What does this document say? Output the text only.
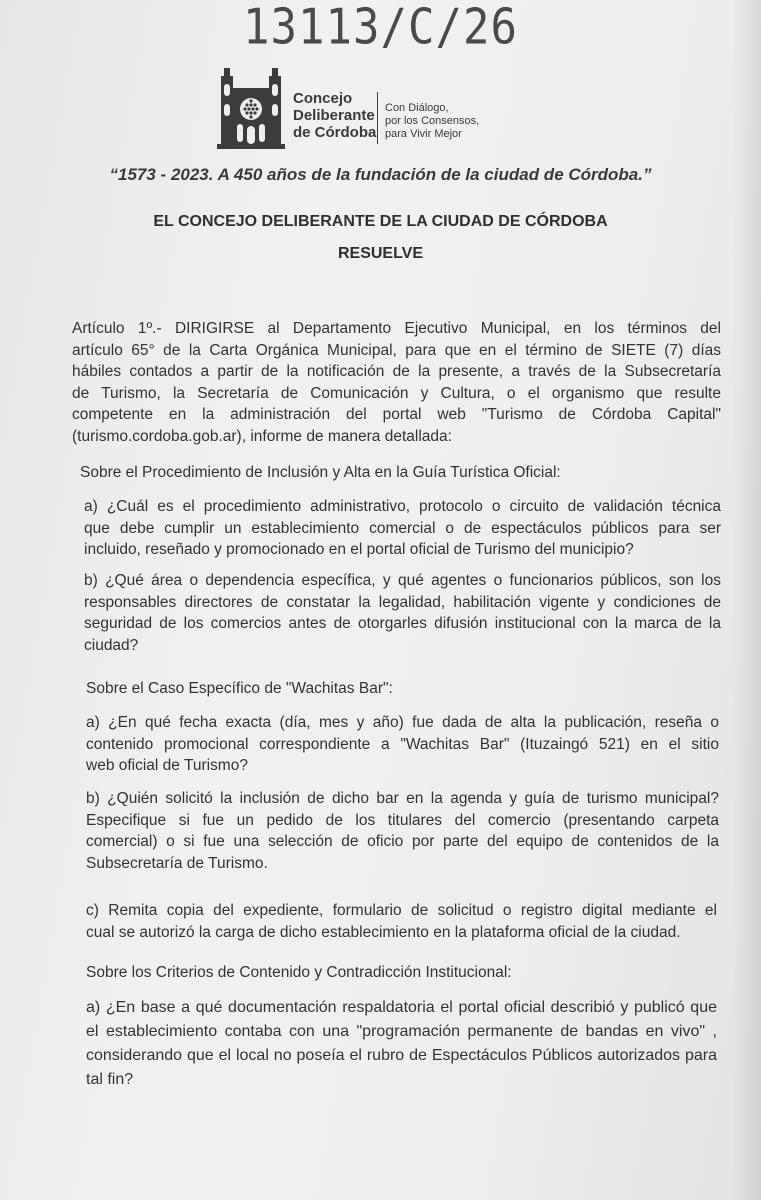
13113/C/26
Concejo
Deliberante
de Córdoba
Con Diálogo,
por los Consensos,
para Vivir Mejor
“1573 - 2023. A 450 años de la fundación de la ciudad de Córdoba.”
EL CONCEJO DELIBERANTE DE LA CIUDAD DE CÓRDOBA
RESUELVE
Artículo 1º.- DIRIGIRSE al Departamento Ejecutivo Municipal, en los términos del
artículo 65° de la Carta Orgánica Municipal, para que en el término de SIETE (7) días
hábiles contados a partir de la notificación de la presente, a través de la Subsecretaría
de Turismo, la Secretaría de Comunicación y Cultura, o el organismo que resulte
competente en la administración del portal web "Turismo de Córdoba Capital"
(turismo.cordoba.gob.ar), informe de manera detallada:
Sobre el Procedimiento de Inclusión y Alta en la Guía Turística Oficial:
a) ¿Cuál es el procedimiento administrativo, protocolo o circuito de validación técnica
que debe cumplir un establecimiento comercial o de espectáculos públicos para ser
incluido, reseñado y promocionado en el portal oficial de Turismo del municipio?
b) ¿Qué área o dependencia específica, y qué agentes o funcionarios públicos, son los
responsables directores de constatar la legalidad, habilitación vigente y condiciones de
seguridad de los comercios antes de otorgarles difusión institucional con la marca de la
ciudad?
Sobre el Caso Específico de "Wachitas Bar":
a) ¿En qué fecha exacta (día, mes y año) fue dada de alta la publicación, reseña o
contenido promocional correspondiente a "Wachitas Bar" (Ituzaingó 521) en el sitio
web oficial de Turismo?
b) ¿Quién solicitó la inclusión de dicho bar en la agenda y guía de turismo municipal?
Especifique si fue un pedido de los titulares del comercio (presentando carpeta
comercial) o si fue una selección de oficio por parte del equipo de contenidos de la
Subsecretaría de Turismo.
c) Remita copia del expediente, formulario de solicitud o registro digital mediante el
cual se autorizó la carga de dicho establecimiento en la plataforma oficial de la ciudad.
Sobre los Criterios de Contenido y Contradicción Institucional:
a) ¿En base a qué documentación respaldatoria el portal oficial describió y publicó que
el establecimiento contaba con una "programación permanente de bandas en vivo" ,
considerando que el local no poseía el rubro de Espectáculos Públicos autorizados para
tal fin?
